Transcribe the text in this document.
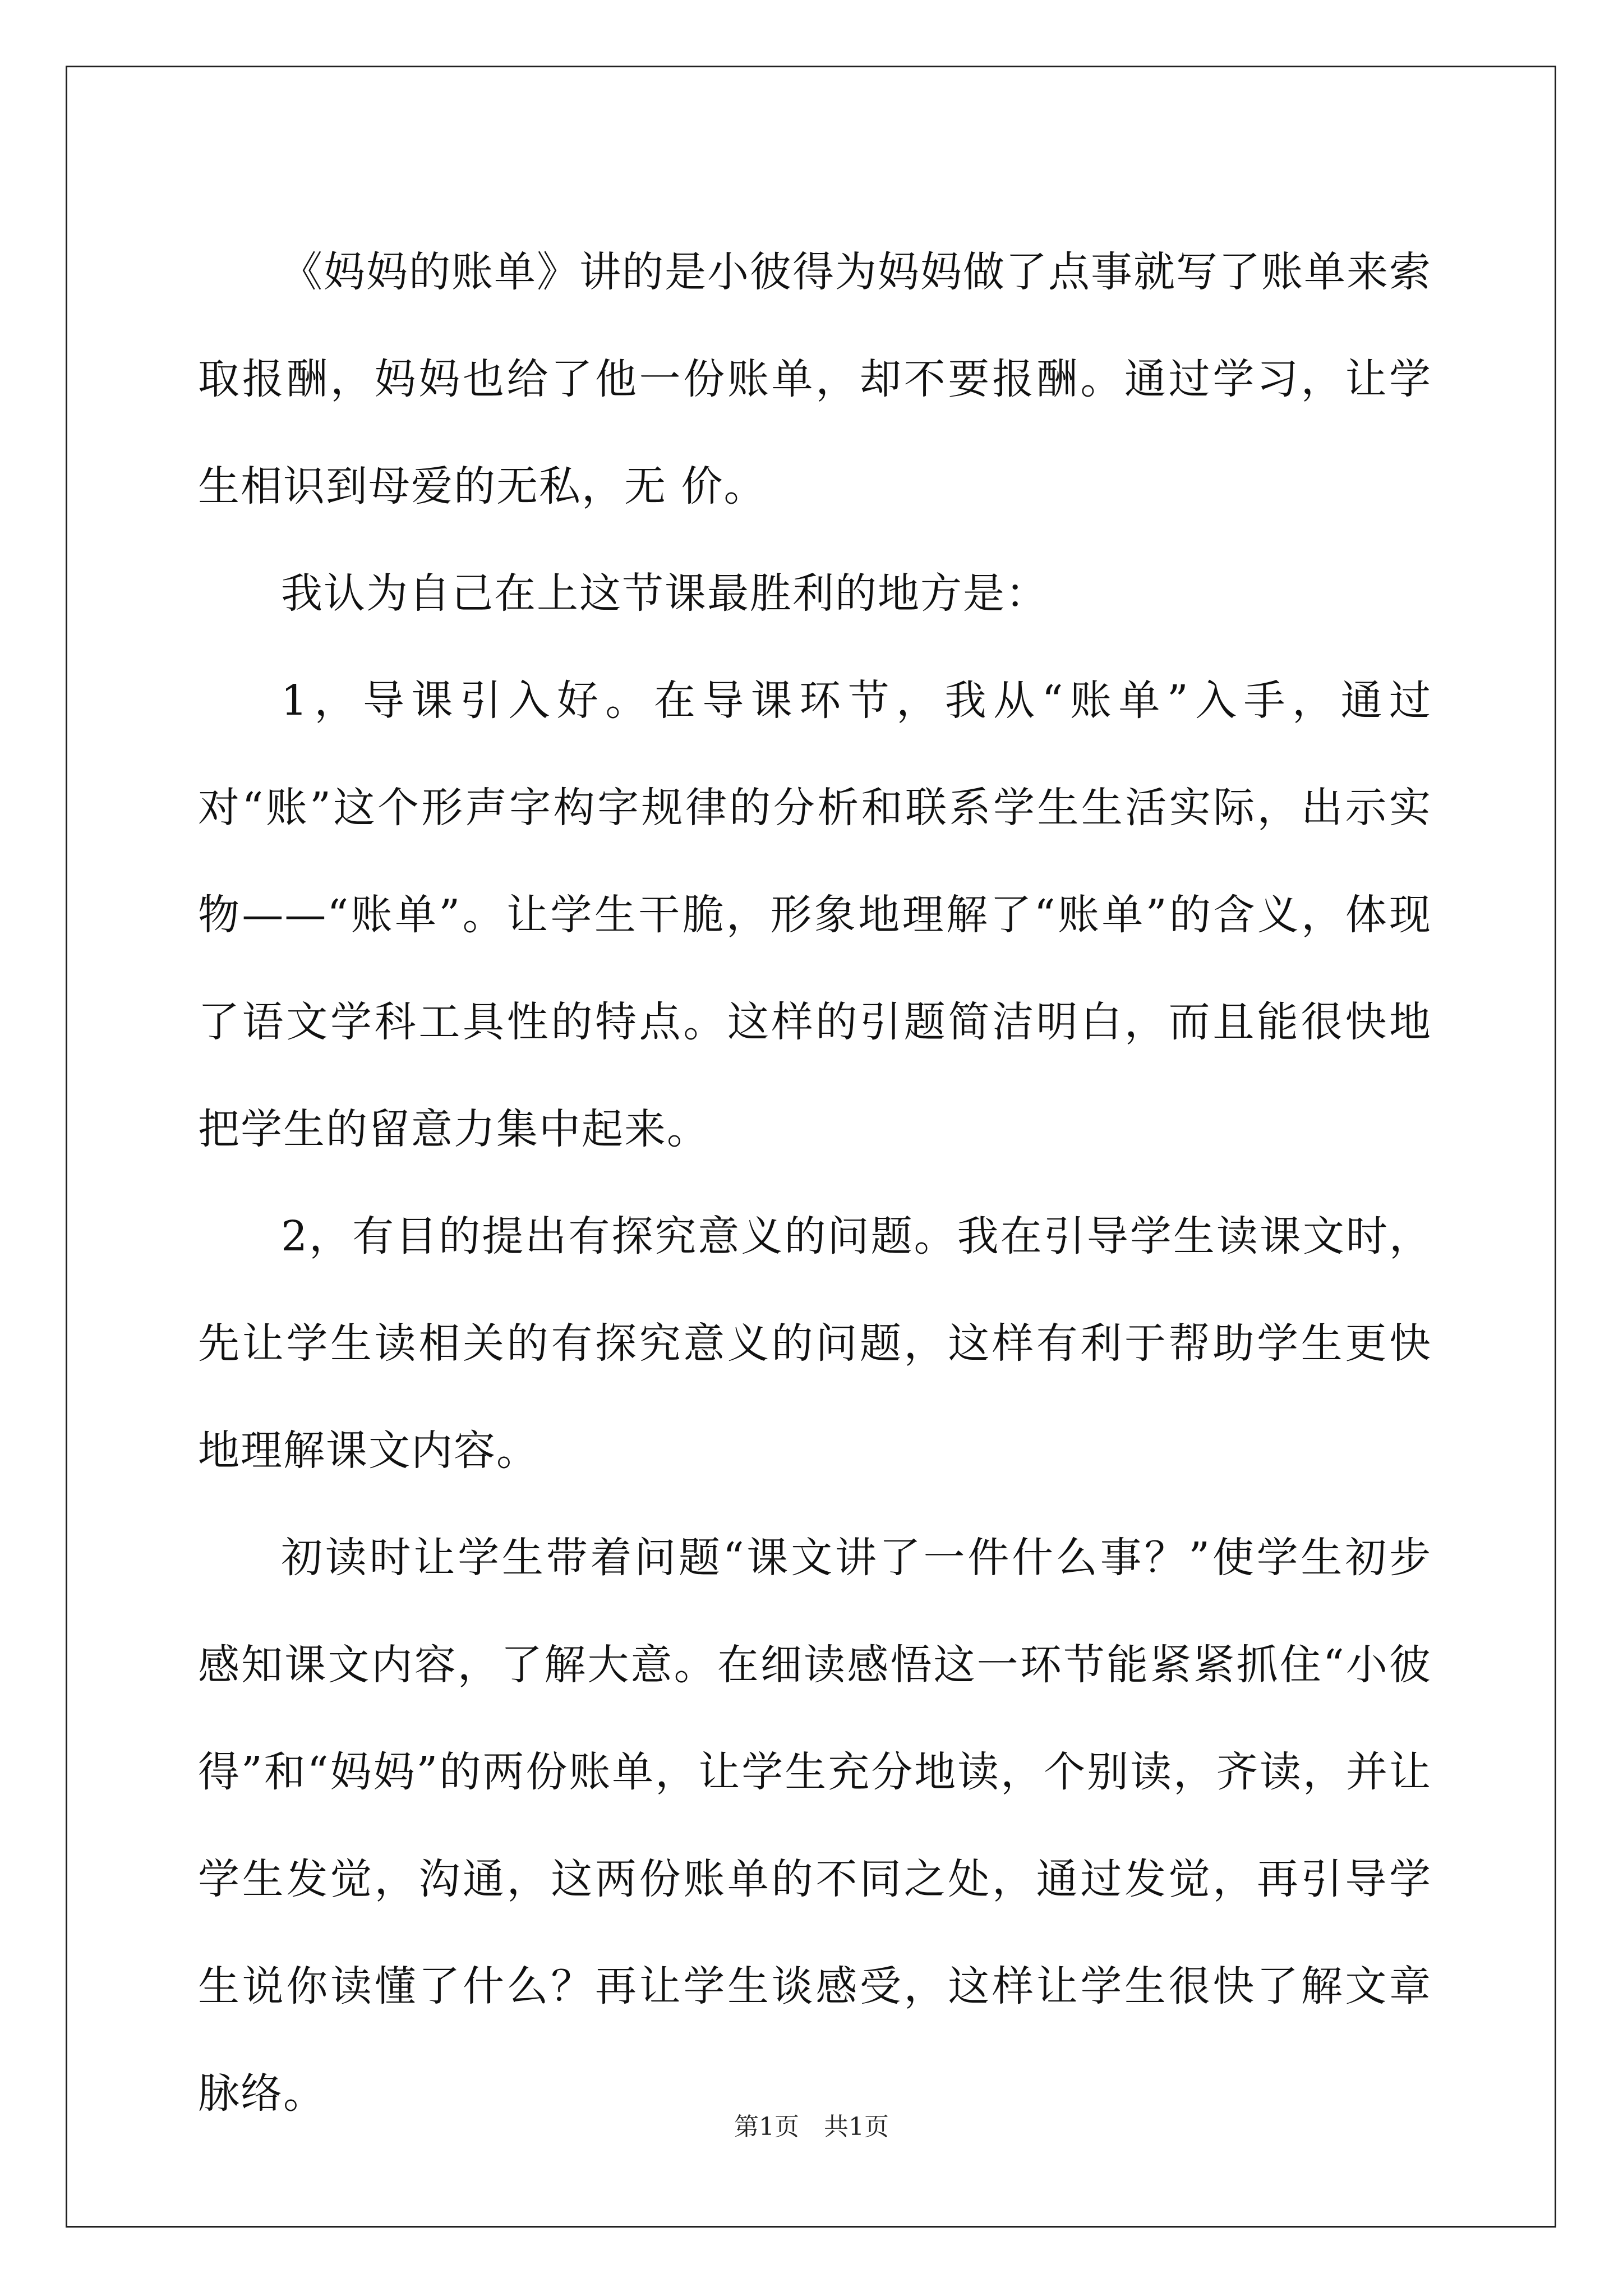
《妈妈的账单》讲的是小彼得为妈妈做了点事就写了账单来索取报酬，妈妈也给了他一份账单，却不要报酬。通过学习，让学生相识到母爱的无私，无 价。

我认为自己在上这节课最胜利的地方是：

1，导课引入好。在导课环节，我从“账单”入手，通过对“账”这个形声字构字规律的分析和联系学生生活实际，出示实物——“账单”。让学生干脆，形象地理解了“账单”的含义，体现了语文学科工具性的特点。这样的引题简洁明白，而且能很快地把学生的留意力集中起来。

2，有目的提出有探究意义的问题。我在引导学生读课文时，先让学生读相关的有探究意义的问题，这样有利于帮助学生更快地理解课文内容。

初读时让学生带着问题“课文讲了一件什么事？”使学生初步感知课文内容，了解大意。在细读感悟这一环节能紧紧抓住“小彼得”和“妈妈”的两份账单，让学生充分地读，个别读，齐读，并让学生发觉，沟通，这两份账单的不同之处，通过发觉，再引导学生说你读懂了什么？再让学生谈感受，这样让学生很快了解文章脉络。

第1页　共1页
